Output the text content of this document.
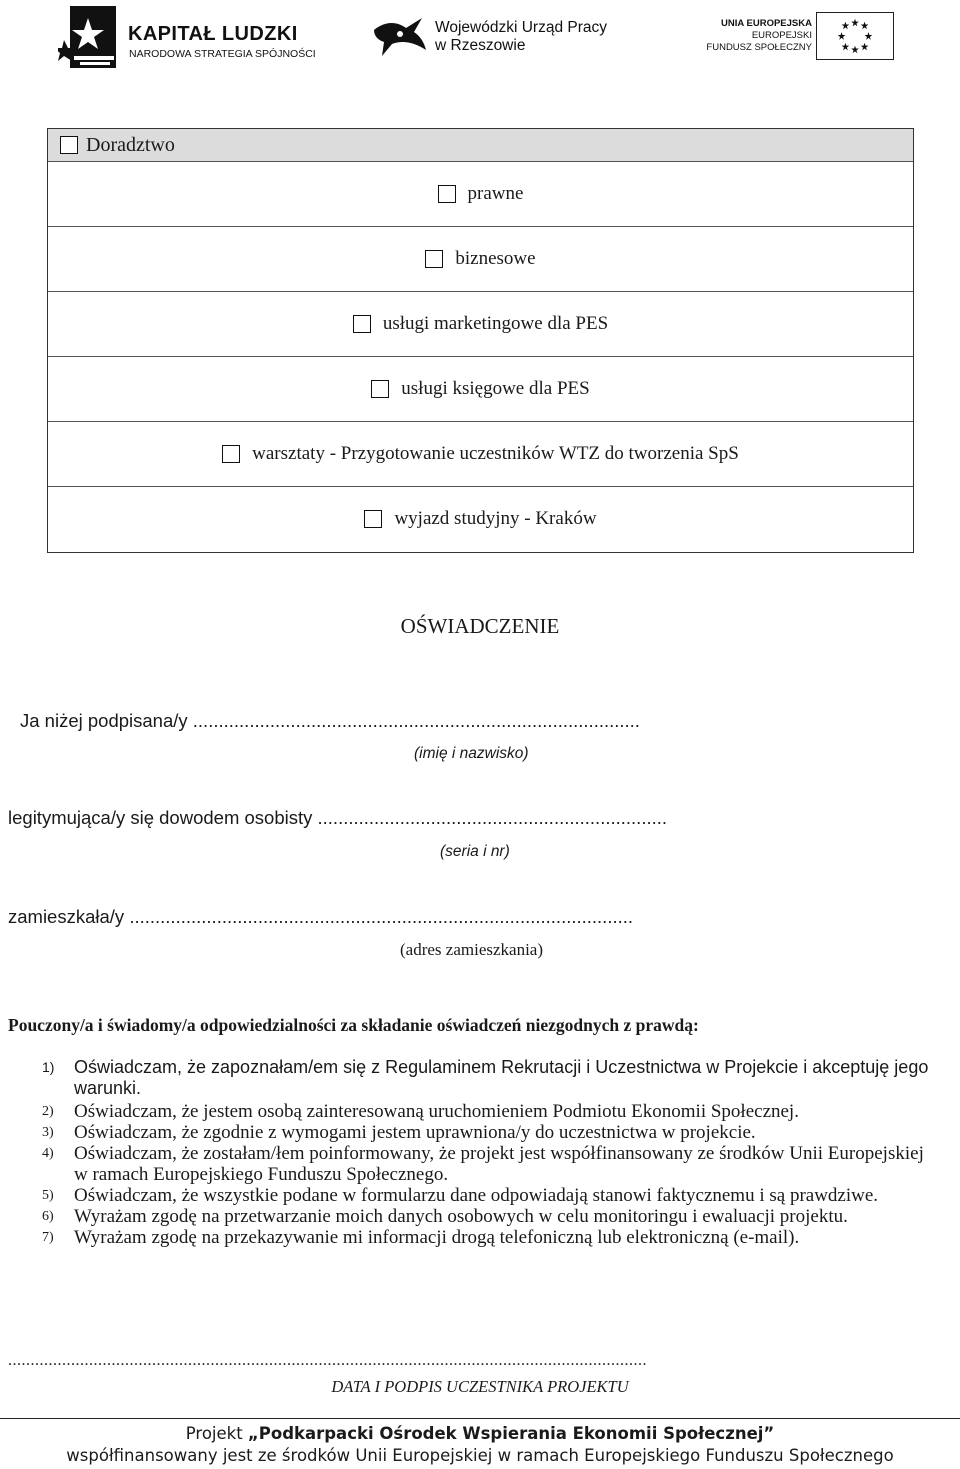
KAPITAŁ LUDZKI
NARODOWA STRATEGIA SPÓJNOŚCI
Wojewódzki Urząd Pracy
w Rzeszowie
UNIA EUROPEJSKA
EUROPEJSKI
FUNDUSZ SPOŁECZNY
Doradztwo
prawne
biznesowe
usługi marketingowe dla PES
usługi księgowe dla PES
warsztaty - Przygotowanie uczestników WTZ do tworzenia SpS
wyjazd studyjny - Kraków
OŚWIADCZENIE
Ja niżej podpisana/y .......................................................................................
(imię i nazwisko)
legitymująca/y się dowodem osobisty ....................................................................
(seria i nr)
zamieszkała/y ..................................................................................................
(adres zamieszkania)
Pouczony/a i świadomy/a odpowiedzialności za składanie oświadczeń niezgodnych z prawdą:
1) Oświadczam, że zapoznałam/em się z Regulaminem Rekrutacji i Uczestnictwa w Projekcie i akceptuję jego warunki.
2) Oświadczam, że jestem osobą zainteresowaną uruchomieniem Podmiotu Ekonomii Społecznej.
3) Oświadczam, że zgodnie z wymogami jestem uprawniona/y do uczestnictwa w projekcie.
4) Oświadczam, że zostałam/łem poinformowany, że projekt jest współfinansowany ze środków Unii Europejskiej w ramach Europejskiego Funduszu Społecznego.
5) Oświadczam, że wszystkie podane w formularzu dane odpowiadają stanowi faktycznemu i są prawdziwe.
6) Wyrażam zgodę na przetwarzanie moich danych osobowych w celu monitoringu i ewaluacji projektu.
7) Wyrażam zgodę na przekazywanie mi informacji drogą telefoniczną lub elektroniczną (e-mail).
..............................................................................................................................................
DATA I PODPIS UCZESTNIKA PROJEKTU
Projekt „Podkarpacki Ośrodek Wspierania Ekonomii Społecznej”
współfinansowany jest ze środków Unii Europejskiej w ramach Europejskiego Funduszu Społecznego
